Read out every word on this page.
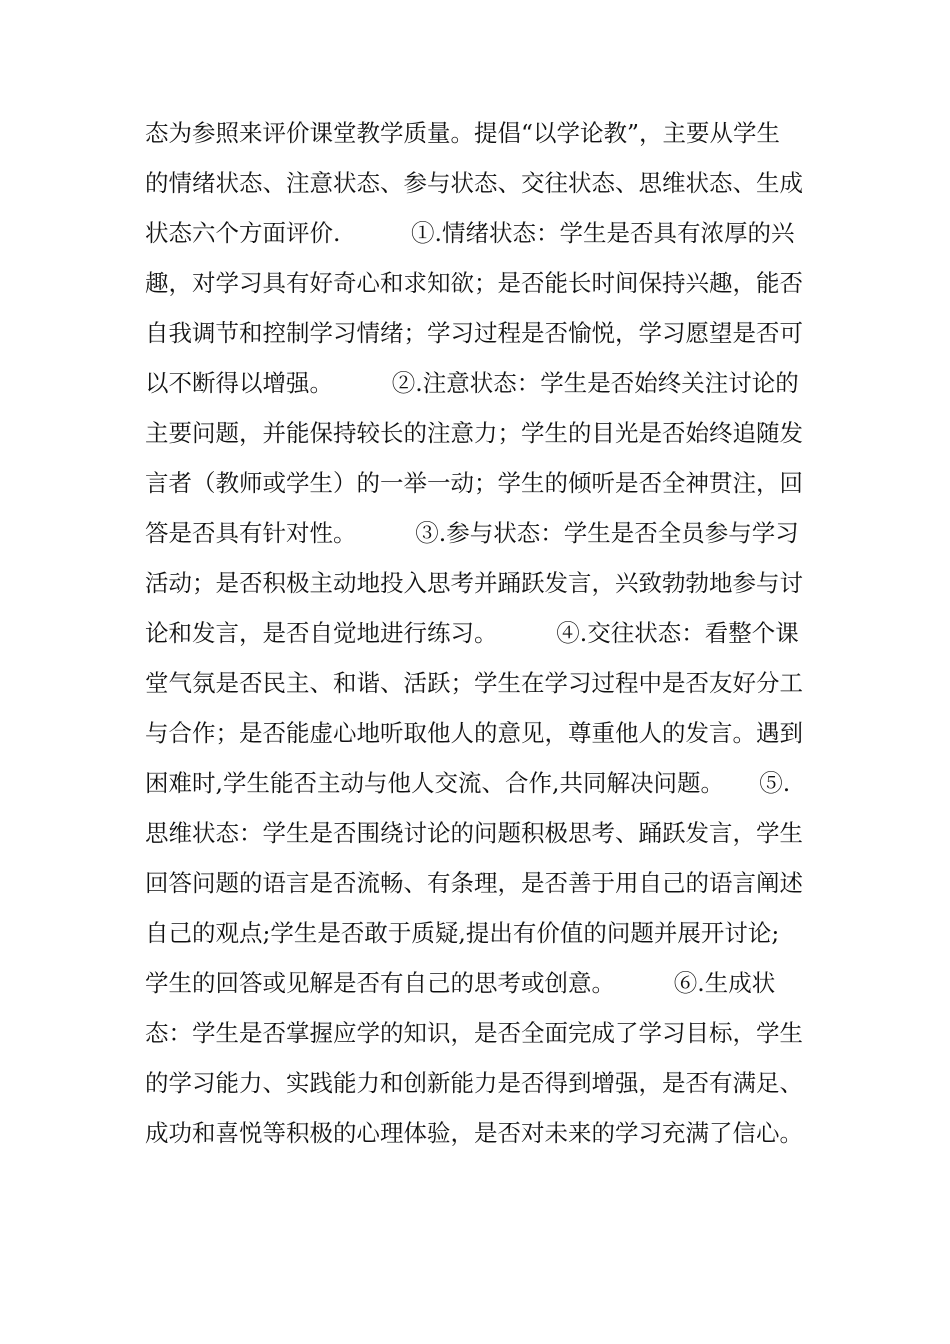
态为参照来评价课堂教学质量。提倡“以学论教”，主要从学生
的情绪状态、注意状态、参与状态、交往状态、思维状态、生成
状态六个方面评价.　　　①.情绪状态：学生是否具有浓厚的兴
趣，对学习具有好奇心和求知欲；是否能长时间保持兴趣，能否
自我调节和控制学习情绪；学习过程是否愉悦，学习愿望是否可
以不断得以增强。　　　②.注意状态：学生是否始终关注讨论的
主要问题，并能保持较长的注意力；学生的目光是否始终追随发
言者（教师或学生）的一举一动；学生的倾听是否全神贯注，回
答是否具有针对性。　　　③.参与状态：学生是否全员参与学习
活动；是否积极主动地投入思考并踊跃发言，兴致勃勃地参与讨
论和发言，是否自觉地进行练习。　　　④.交往状态：看整个课
堂气氛是否民主、和谐、活跃；学生在学习过程中是否友好分工
与合作；是否能虚心地听取他人的意见，尊重他人的发言。遇到
困难时,学生能否主动与他人交流、合作,共同解决问题。　　⑤.
思维状态：学生是否围绕讨论的问题积极思考、踊跃发言，学生
回答问题的语言是否流畅、有条理，是否善于用自己的语言阐述
自己的观点;学生是否敢于质疑,提出有价值的问题并展开讨论;
学生的回答或见解是否有自己的思考或创意。　　　⑥.生成状
态：学生是否掌握应学的知识，是否全面完成了学习目标，学生
的学习能力、实践能力和创新能力是否得到增强，是否有满足、
成功和喜悦等积极的心理体验，是否对未来的学习充满了信心。
